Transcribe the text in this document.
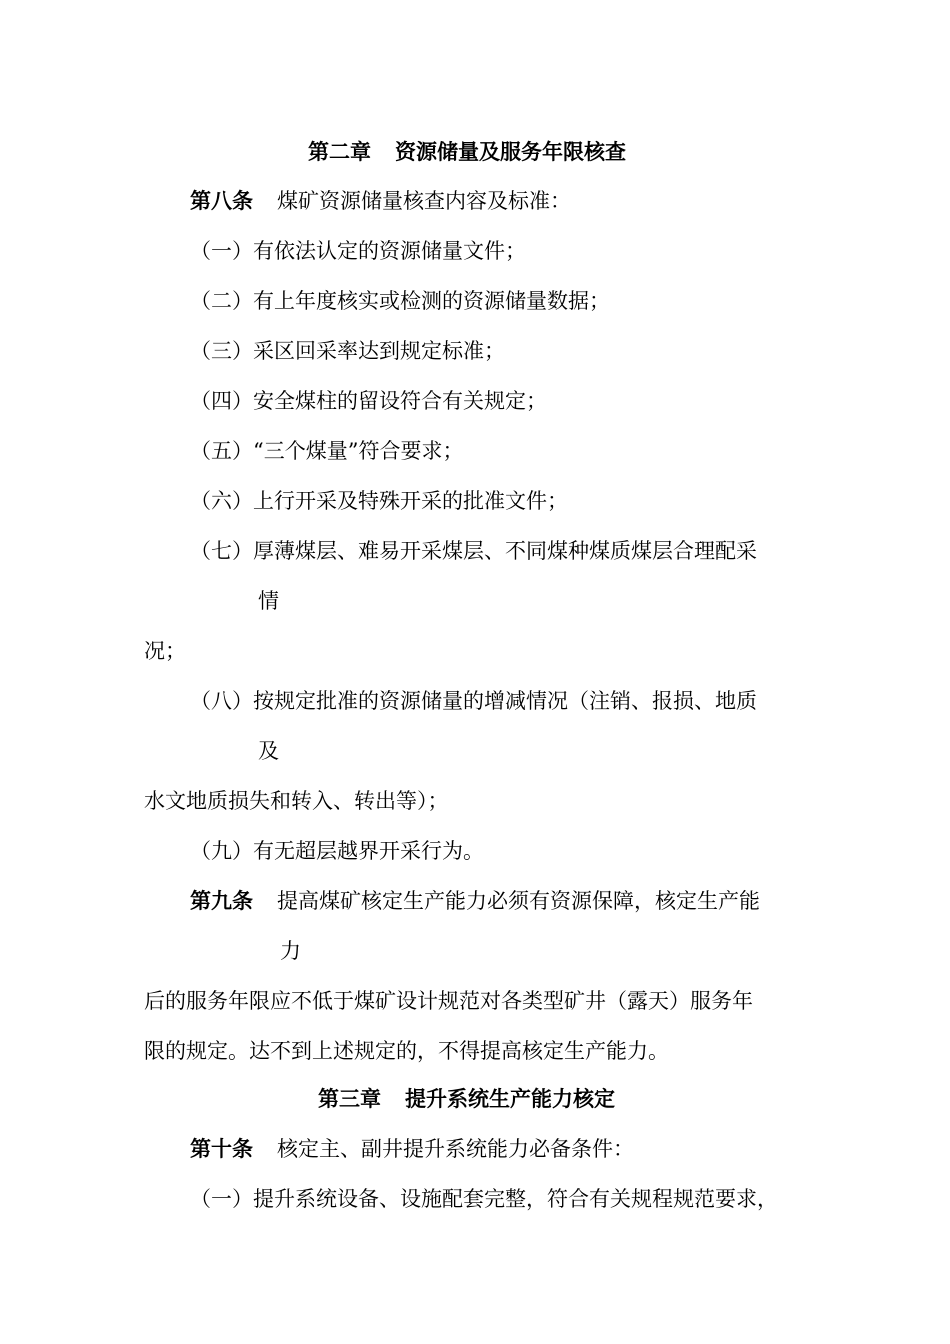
第二章 资源储量及服务年限核查
第八条 煤矿资源储量核查内容及标准：
（一）有依法认定的资源储量文件；
（二）有上年度核实或检测的资源储量数据；
（三）采区回采率达到规定标准；
（四）安全煤柱的留设符合有关规定；
（五）“三个煤量”符合要求；
（六）上行开采及特殊开采的批准文件；
（七）厚薄煤层、难易开采煤层、不同煤种煤质煤层合理配采
情
况；
（八）按规定批准的资源储量的增减情况（注销、报损、地质
及
水文地质损失和转入、转出等）；
（九）有无超层越界开采行为。
第九条 提高煤矿核定生产能力必须有资源保障，核定生产能
力
后的服务年限应不低于煤矿设计规范对各类型矿井（露天）服务年
限的规定。达不到上述规定的，不得提高核定生产能力。
第三章 提升系统生产能力核定
第十条 核定主、副井提升系统能力必备条件：
（一）提升系统设备、设施配套完整，符合有关规程规范要求，
